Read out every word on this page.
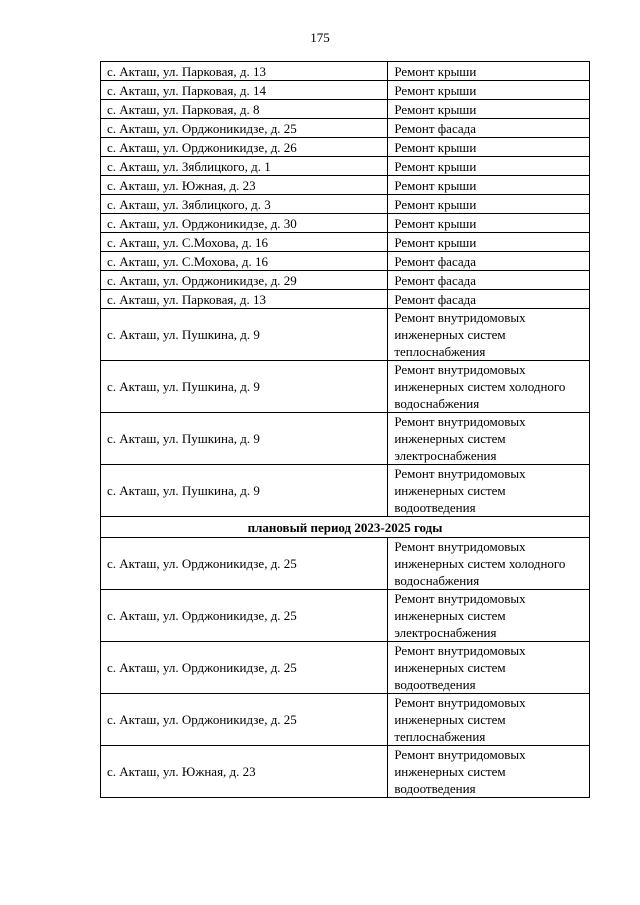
175
с. Акташ, ул. Парковая, д. 13	Ремонт крыши
с. Акташ, ул. Парковая, д. 14	Ремонт крыши
с. Акташ, ул. Парковая, д. 8	Ремонт крыши
с. Акташ, ул. Орджоникидзе, д. 25	Ремонт фасада
с. Акташ, ул. Орджоникидзе, д. 26	Ремонт крыши
с. Акташ, ул. Зяблицкого, д. 1	Ремонт крыши
с. Акташ, ул. Южная, д. 23	Ремонт крыши
с. Акташ, ул. Зяблицкого, д. 3	Ремонт крыши
с. Акташ, ул. Орджоникидзе, д. 30	Ремонт крыши
с. Акташ, ул. С.Мохова, д. 16	Ремонт крыши
с. Акташ, ул. С.Мохова, д. 16	Ремонт фасада
с. Акташ, ул. Орджоникидзе, д. 29	Ремонт фасада
с. Акташ, ул. Парковая, д. 13	Ремонт фасада
с. Акташ, ул. Пушкина, д. 9	Ремонт внутридомовых инженерных систем теплоснабжения
с. Акташ, ул. Пушкина, д. 9	Ремонт внутридомовых инженерных систем холодного водоснабжения
с. Акташ, ул. Пушкина, д. 9	Ремонт внутридомовых инженерных систем электроснабжения
с. Акташ, ул. Пушкина, д. 9	Ремонт внутридомовых инженерных систем водоотведения
плановый период 2023-2025 годы	
с. Акташ, ул. Орджоникидзе, д. 25	Ремонт внутридомовых инженерных систем холодного водоснабжения
с. Акташ, ул. Орджоникидзе, д. 25	Ремонт внутридомовых инженерных систем электроснабжения
с. Акташ, ул. Орджоникидзе, д. 25	Ремонт внутридомовых инженерных систем водоотведения
с. Акташ, ул. Орджоникидзе, д. 25	Ремонт внутридомовых инженерных систем теплоснабжения
с. Акташ, ул. Южная, д. 23	Ремонт внутридомовых инженерных систем водоотведения
